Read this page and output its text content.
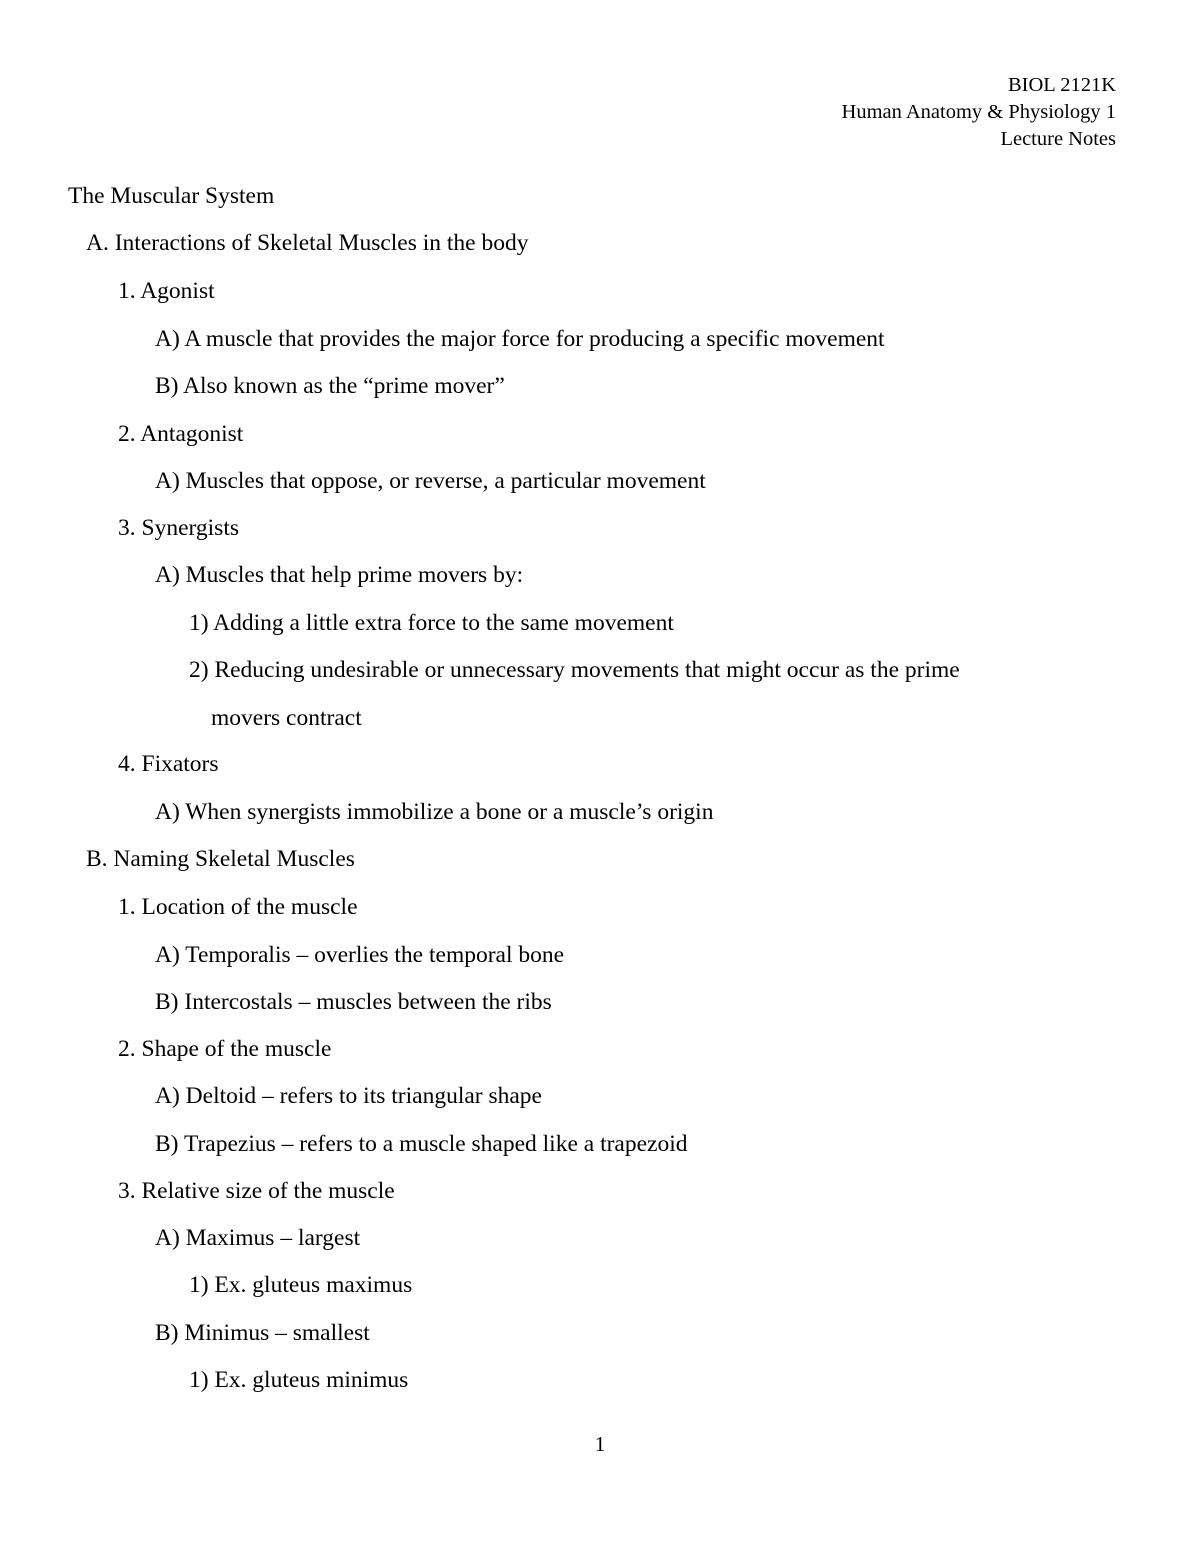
BIOL 2121K
Human Anatomy & Physiology 1
Lecture Notes
The Muscular System
A. Interactions of Skeletal Muscles in the body
1. Agonist
A) A muscle that provides the major force for producing a specific movement
B) Also known as the “prime mover”
2. Antagonist
A) Muscles that oppose, or reverse, a particular movement
3. Synergists
A) Muscles that help prime movers by:
1) Adding a little extra force to the same movement
2) Reducing undesirable or unnecessary movements that might occur as the prime
movers contract
4. Fixators
A) When synergists immobilize a bone or a muscle’s origin
B. Naming Skeletal Muscles
1. Location of the muscle
A) Temporalis – overlies the temporal bone
B) Intercostals – muscles between the ribs
2. Shape of the muscle
A) Deltoid – refers to its triangular shape
B) Trapezius – refers to a muscle shaped like a trapezoid
3. Relative size of the muscle
A) Maximus – largest
1) Ex. gluteus maximus
B) Minimus – smallest
1) Ex. gluteus minimus
1
